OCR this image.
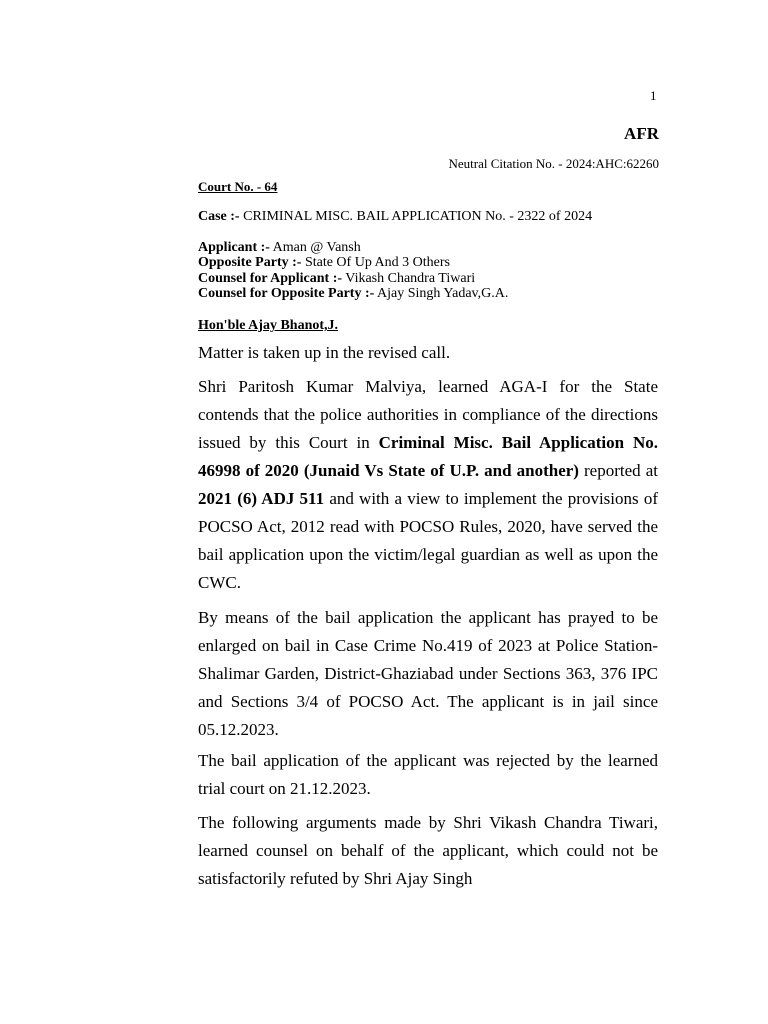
1
AFR
Neutral Citation No. - 2024:AHC:62260
Court No. - 64
Case :- CRIMINAL MISC. BAIL APPLICATION No. - 2322 of 2024
Applicant :- Aman @ Vansh
Opposite Party :- State Of Up And 3 Others
Counsel for Applicant :- Vikash Chandra Tiwari
Counsel for Opposite Party :- Ajay Singh Yadav,G.A.
Hon'ble Ajay Bhanot,J.

Matter is taken up in the revised call.

Shri Paritosh Kumar Malviya, learned AGA-I for the State contends that the police authorities in compliance of the directions issued by this Court in Criminal Misc. Bail Application No. 46998 of 2020 (Junaid Vs State of U.P. and another) reported at 2021 (6) ADJ 511 and with a view to implement the provisions of POCSO Act, 2012 read with POCSO Rules, 2020, have served the bail application upon the victim/legal guardian as well as upon the CWC.

By means of the bail application the applicant has prayed to be enlarged on bail in Case Crime No.419 of 2023 at Police Station-Shalimar Garden, District-Ghaziabad under Sections 363, 376 IPC and Sections 3/4 of POCSO Act. The applicant is in jail since 05.12.2023.

The bail application of the applicant was rejected by the learned trial court on 21.12.2023.

The following arguments made by Shri Vikash Chandra Tiwari, learned counsel on behalf of the applicant, which could not be satisfactorily refuted by Shri Ajay Singh
